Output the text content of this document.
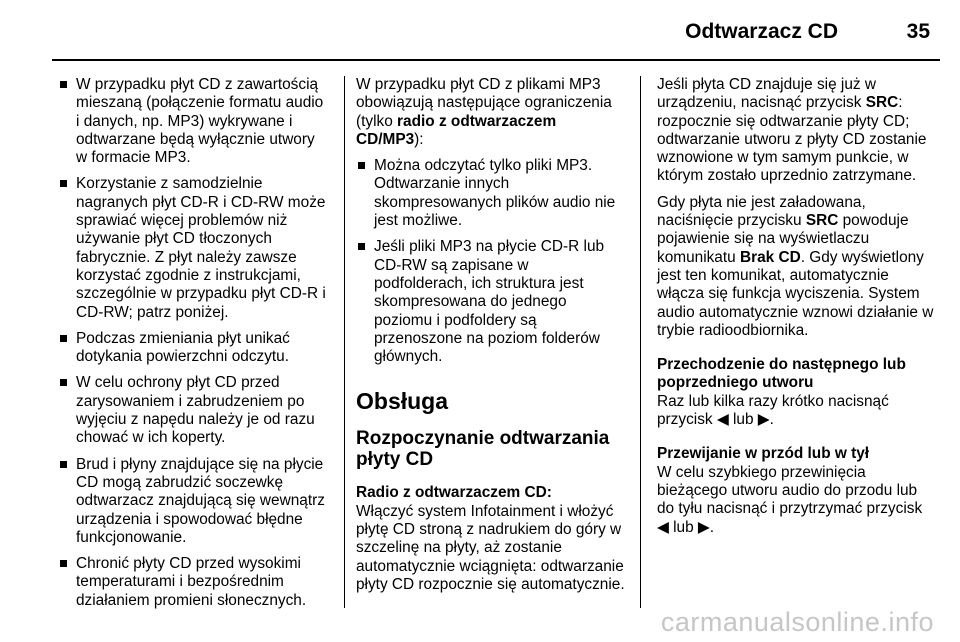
Odtwarzacz CD	35
W przypadku płyt CD z zawartością mieszaną (połączenie formatu audio i danych, np. MP3) wykrywane i odtwarzane będą wyłącznie utwory w formacie MP3.
Korzystanie z samodzielnie nagranych płyt CD-R i CD-RW może sprawiać więcej problemów niż używanie płyt CD tłoczonych fabrycznie. Z płyt należy zawsze korzystać zgodnie z instrukcjami, szczególnie w przypadku płyt CD-R i CD-RW; patrz poniżej.
Podczas zmieniania płyt unikać dotykania powierzchni odczytu.
W celu ochrony płyt CD przed zarysowaniem i zabrudzeniem po wyjęciu z napędu należy je od razu chować w ich koperty.
Brud i płyny znajdujące się na płycie CD mogą zabrudzić soczewkę odtwarzacz znajdującą się wewnątrz urządzenia i spowodować błędne funkcjonowanie.
Chronić płyty CD przed wysokimi temperaturami i bezpośrednim działaniem promieni słonecznych.

W przypadku płyt CD z plikami MP3 obowiązują następujące ograniczenia (tylko radio z odtwarzaczem CD/MP3):

Można odczytać tylko pliki MP3. Odtwarzanie innych skompresowanych plików audio nie jest możliwe.
Jeśli pliki MP3 na płycie CD-R lub CD-RW są zapisane w podfolderach, ich struktura jest skompresowana do jednego poziomu i podfoldery są przenoszone na poziom folderów głównych.
Obsługa
Rozpoczynanie odtwarzania płyty CD

Radio z odtwarzaczem CD:

Włączyć system Infotainment i włożyć płytę CD stroną z nadrukiem do góry w szczelinę na płyty, aż zostanie automatycznie wciągnięta: odtwarzanie płyty CD rozpocznie się automatycznie.

Jeśli płyta CD znajduje się już w urządzeniu, nacisnąć przycisk SRC: rozpocznie się odtwarzanie płyty CD; odtwarzanie utworu z płyty CD zostanie wznowione w tym samym punkcie, w którym zostało uprzednio zatrzymane.

Gdy płyta nie jest załadowana, naciśnięcie przycisku SRC powoduje pojawienie się na wyświetlaczu komunikatu Brak CD. Gdy wyświetlony jest ten komunikat, automatycznie włącza się funkcja wyciszenia. System audio automatycznie wznowi działanie w trybie radioodbiornika.

Przechodzenie do następnego lub poprzedniego utworu

Raz lub kilka razy krótko nacisnąć przycisk ◀ lub ▶.

Przewijanie w przód lub w tył

W celu szybkiego przewinięcia bieżącego utworu audio do przodu lub do tyłu nacisnąć i przytrzymać przycisk ◀ lub ▶.

carmanualsonline.info
